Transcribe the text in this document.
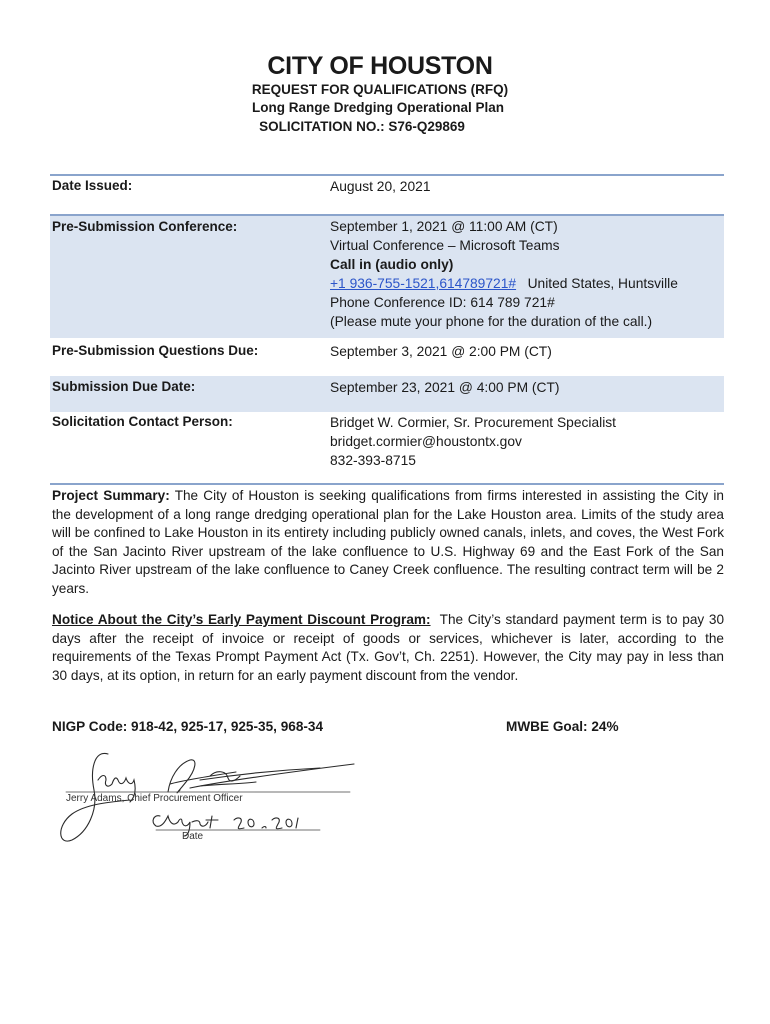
CITY OF HOUSTON
REQUEST FOR QUALIFICATIONS (RFQ)
Long Range Dredging Operational Plan
SOLICITATION NO.: S76-Q29869
Date Issued:	August 20, 2021
Pre-Submission Conference:	September 1, 2021 @ 11:00 AM (CT)
Virtual Conference – Microsoft Teams
Call in (audio only)
+1 936-755-1521,614789721# United States, Huntsville
Phone Conference ID: 614 789 721#
(Please mute your phone for the duration of the call.)
Pre-Submission Questions Due:	September 3, 2021 @ 2:00 PM (CT)
Submission Due Date:	September 23, 2021 @ 4:00 PM (CT)
Solicitation Contact Person:	Bridget W. Cormier, Sr. Procurement Specialist
bridget.cormier@houstontx.gov
832-393-8715
Project Summary: The City of Houston is seeking qualifications from firms interested in assisting the City in the development of a long range dredging operational plan for the Lake Houston area. Limits of the study area will be confined to Lake Houston in its entirety including publicly owned canals, inlets, and coves, the West Fork of the San Jacinto River upstream of the lake confluence to U.S. Highway 69 and the East Fork of the San Jacinto River upstream of the lake confluence to Caney Creek confluence. The resulting contract term will be 2 years.
Notice About the City’s Early Payment Discount Program: The City’s standard payment term is to pay 30 days after the receipt of invoice or receipt of goods or services, whichever is later, according to the requirements of the Texas Prompt Payment Act (Tx. Gov’t, Ch. 2251). However, the City may pay in less than 30 days, at its option, in return for an early payment discount from the vendor.
NIGP Code: 918-42, 925-17, 925-35, 968-34	MWBE Goal: 24%
Jerry Adams, Chief Procurement Officer
Date
